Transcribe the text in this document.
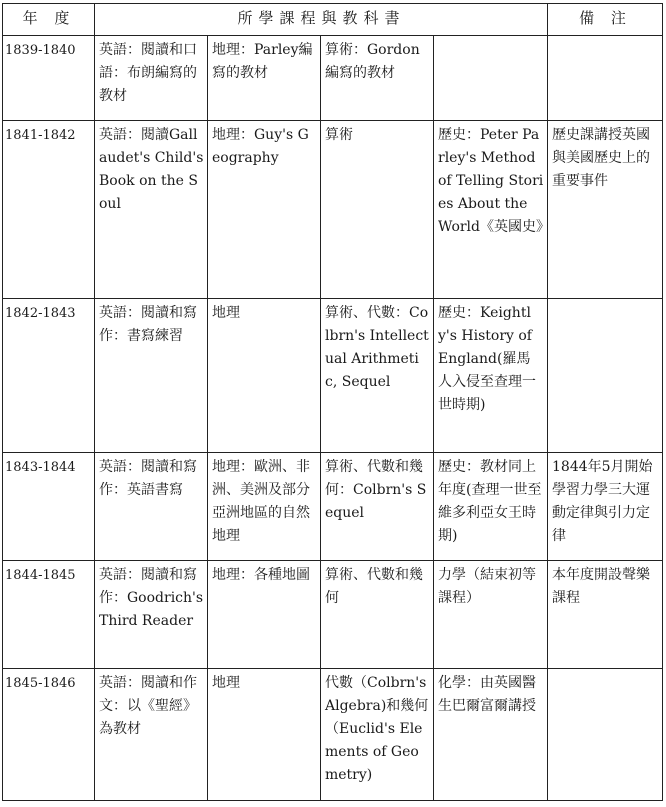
年 度	所學課程與教科書				備 注
1839-1840	英語：閱讀和口語：布朗編寫的教材	地理：Parley編寫的教材	算術：Gordon編寫的教材		
1841-1842	英語：閱讀Gallaudet's Child's Book on the Soul	地理：Guy's Geography	算術	歷史：Peter Parley's Method of Telling Stories About the World《英國史》	歷史課講授英國與美國歷史上的重要事件
1842-1843	英語：閱讀和寫作：書寫練習	地理	算術、代數：Colbrn's Intellectual Arithmetic, Sequel	歷史：Keightly's History of England(羅馬人入侵至查理一世時期)	
1843-1844	英語：閱讀和寫作：英語書寫	地理：歐洲、非洲、美洲及部分亞洲地區的自然地理	算術、代數和幾何：Colbrn's Sequel	歷史：教材同上年度(查理一世至維多利亞女王時期)	1844年5月開始學習力學三大運動定律與引力定律
1844-1845	英語：閱讀和寫作：Goodrich's Third Reader	地理：各種地圖	算術、代數和幾何	力學（結束初等課程）	本年度開設聲樂課程
1845-1846	英語：閱讀和作文：以《聖經》為教材	地理	代數（Colbrn's Algebra)和幾何（Euclid's Elements of Geometry)	化學：由英國醫生巴爾富爾講授	
